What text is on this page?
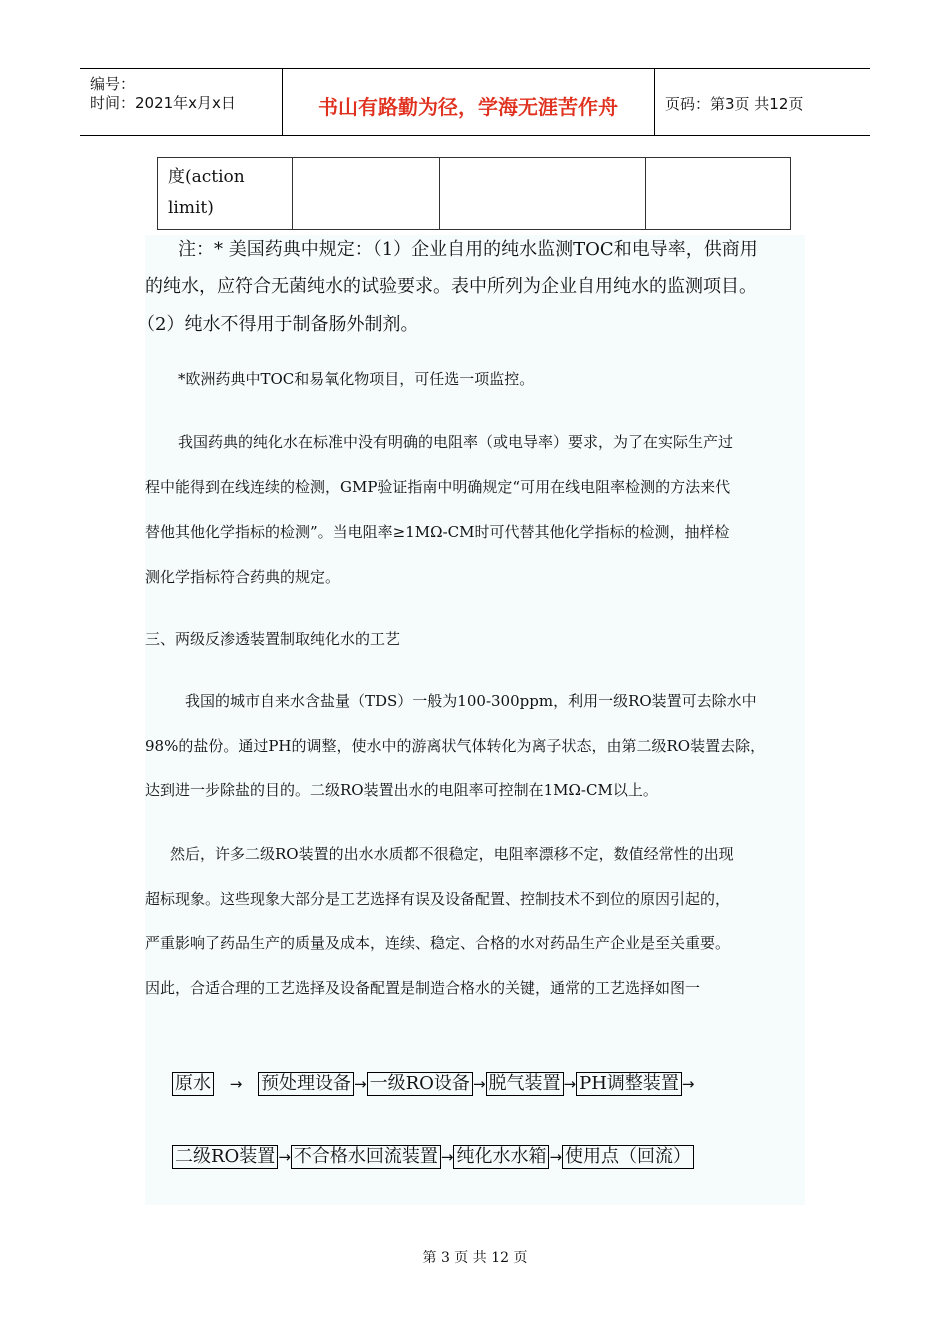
编号：
时间：2021年x月x日	书山有路勤为径，学海无涯苦作舟	页码：第3页 共12页
度(action
limit)
注：* 美国药典中规定：（1）企业自用的纯水监测TOC和电导率，供商用
的纯水，应符合无菌纯水的试验要求。表中所列为企业自用纯水的监测项目。
（2）纯水不得用于制备肠外制剂。
*欧洲药典中TOC和易氧化物项目，可任选一项监控。
我国药典的纯化水在标准中没有明确的电阻率（或电导率）要求，为了在实际生产过
程中能得到在线连续的检测，GMP验证指南中明确规定“可用在线电阻率检测的方法来代
替他其他化学指标的检测”。当电阻率≥1MΩ-CM时可代替其他化学指标的检测，抽样检
测化学指标符合药典的规定。
三、两级反渗透装置制取纯化水的工艺
我国的城市自来水含盐量（TDS）一般为100-300ppm，利用一级RO装置可去除水中
98%的盐份。通过PH的调整，使水中的游离状气体转化为离子状态，由第二级RO装置去除，
达到进一步除盐的目的。二级RO装置出水的电阻率可控制在1MΩ-CM以上。
然后，许多二级RO装置的出水水质都不很稳定，电阻率漂移不定，数值经常性的出现
超标现象。这些现象大部分是工艺选择有误及设备配置、控制技术不到位的原因引起的，
严重影响了药品生产的质量及成本，连续、稳定、合格的水对药品生产企业是至关重要。
因此，合适合理的工艺选择及设备配置是制造合格水的关键，通常的工艺选择如图一
原水 → 预处理设备 → 一级RO设备 → 脱气装置 → PH调整装置 →
二级RO装置 → 不合格水回流装置 → 纯化水水箱 → 使用点（回流）
第 3 页 共 12 页
